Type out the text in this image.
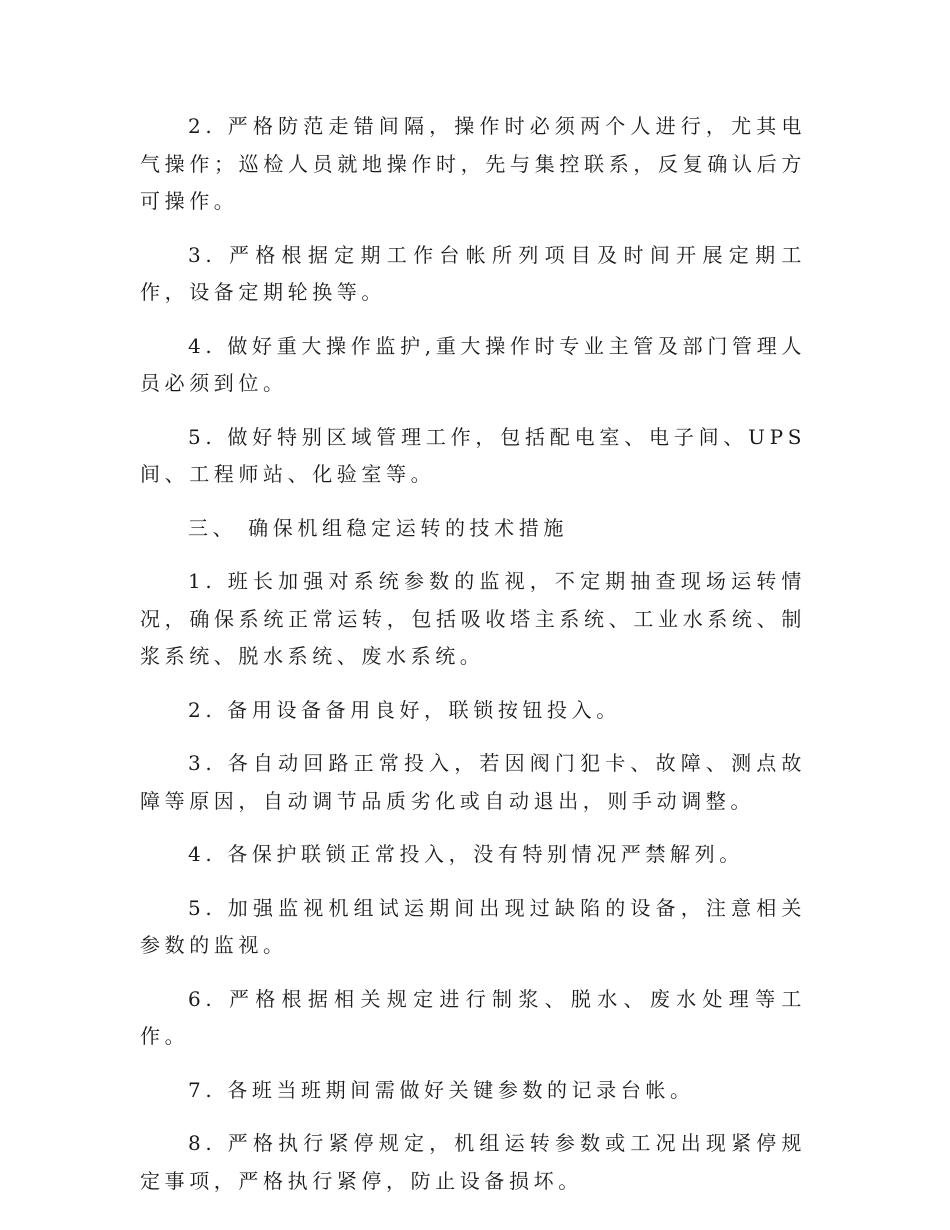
2. 严格防范走错间隔，操作时必须两个人进行，尤其电气操作；巡检人员就地操作时，先与集控联系，反复确认后方可操作。

3. 严格根据定期工作台帐所列项目及时间开展定期工作，设备定期轮换等。

4. 做好重大操作监护,重大操作时专业主管及部门管理人员必须到位。

5. 做好特别区域管理工作，包括配电室、电子间、UPS间、工程师站、化验室等。

三、 确保机组稳定运转的技术措施

1. 班长加强对系统参数的监视，不定期抽查现场运转情况，确保系统正常运转，包括吸收塔主系统、工业水系统、制浆系统、脱水系统、废水系统。

2. 备用设备备用良好，联锁按钮投入。

3. 各自动回路正常投入，若因阀门犯卡、故障、测点故障等原因，自动调节品质劣化或自动退出，则手动调整。

4. 各保护联锁正常投入，没有特别情况严禁解列。

5. 加强监视机组试运期间出现过缺陷的设备，注意相关参数的监视。

6. 严格根据相关规定进行制浆、脱水、废水处理等工作。

7. 各班当班期间需做好关键参数的记录台帐。

8. 严格执行紧停规定，机组运转参数或工况出现紧停规定事项，严格执行紧停，防止设备损坏。
